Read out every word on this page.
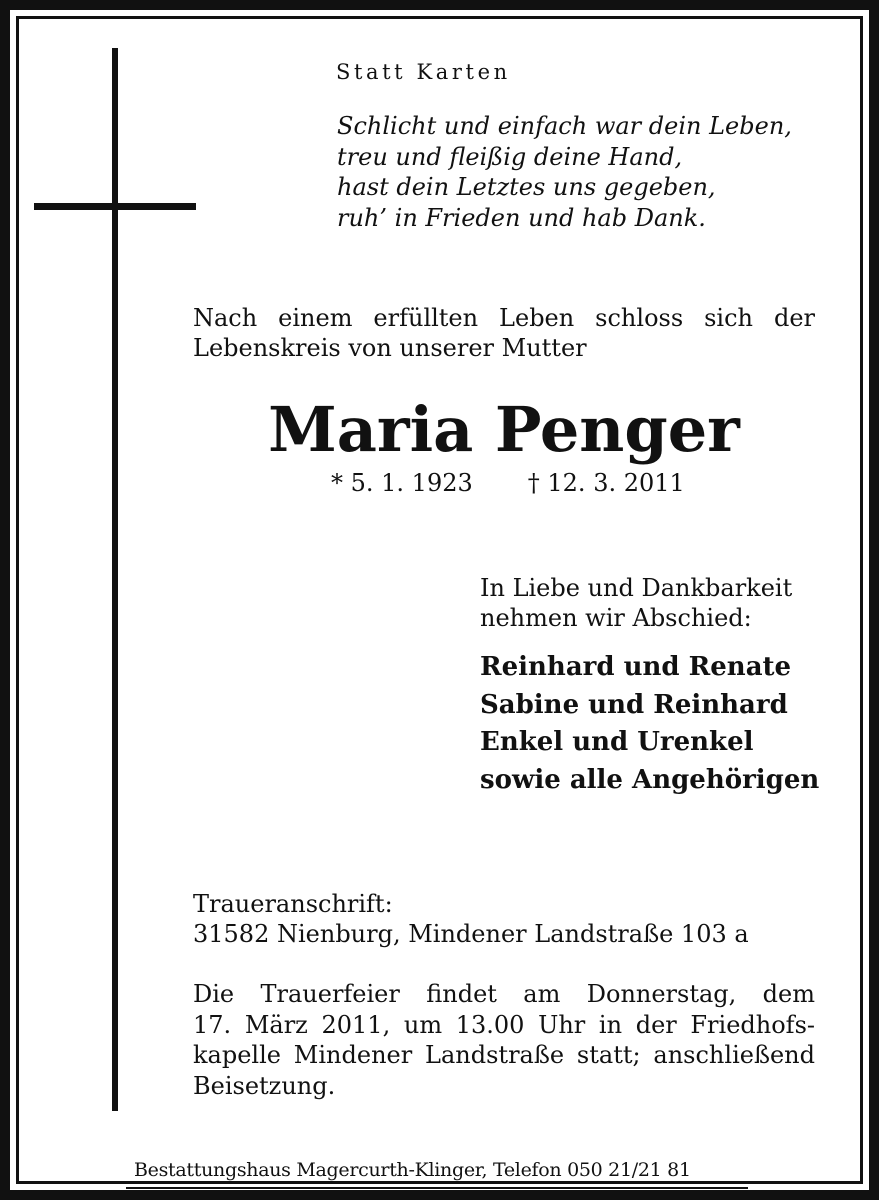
Statt Karten
Schlicht und einfach war dein Leben,
treu und fleißig deine Hand,
hast dein Letztes uns gegeben,
ruh’ in Frieden und hab Dank.
Nach einem erfüllten Leben schloss sich der
Lebenskreis von unserer Mutter
Maria Penger
* 5. 1. 1923 † 12. 3. 2011
In Liebe und Dankbarkeit
nehmen wir Abschied:
Reinhard und Renate
Sabine und Reinhard
Enkel und Urenkel
sowie alle Angehörigen
Traueranschrift:
31582 Nienburg, Mindener Landstraße 103 a
Die Trauerfeier findet am Donnerstag, dem
17. März 2011, um 13.00 Uhr in der Friedhofs-
kapelle Mindener Landstraße statt; anschließend
Beisetzung.
Bestattungshaus Magercurth-Klinger, Telefon 050 21/21 81
